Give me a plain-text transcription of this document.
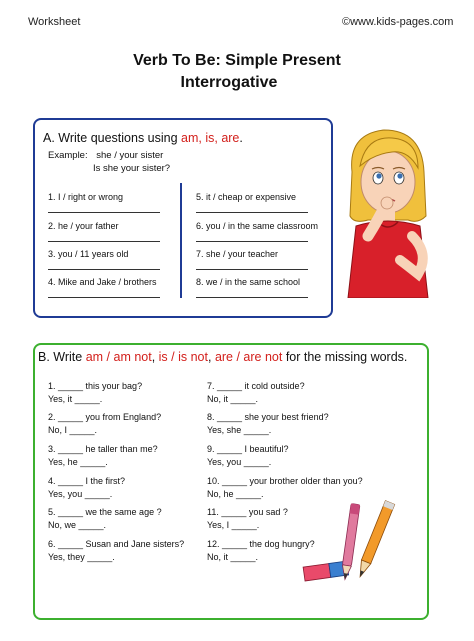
Worksheet	©www.kids-pages.com
Verb To Be: Simple Present
Interrogative
A. Write questions using am, is, are.
Example: she / your sister
Is she your sister?
1. I / right or wrong
2. he / your father
3. you / 11 years old
4. Mike and Jake / brothers
5. it / cheap or expensive
6. you / in the same classroom
7. she / your teacher
8. we / in the same school
B. Write am / am not, is / is not, are / are not for the missing words.
1. _____ this your bag?
Yes, it _____.
2. _____ you from England?
No, I _____.
3. _____ he taller than me?
Yes, he _____.
4. _____ I the first?
Yes, you _____.
5. _____ we the same age ?
No, we _____.
6. _____ Susan and Jane sisters?
Yes, they _____.
7. _____ it cold outside?
No, it _____.
8. _____ she your best friend?
Yes, she _____.
9. _____ I beautiful?
Yes, you _____.
10. _____ your brother older than you?
No, he _____.
11. _____ you sad ?
Yes, I _____.
12. _____ the dog hungry?
No, it _____.
